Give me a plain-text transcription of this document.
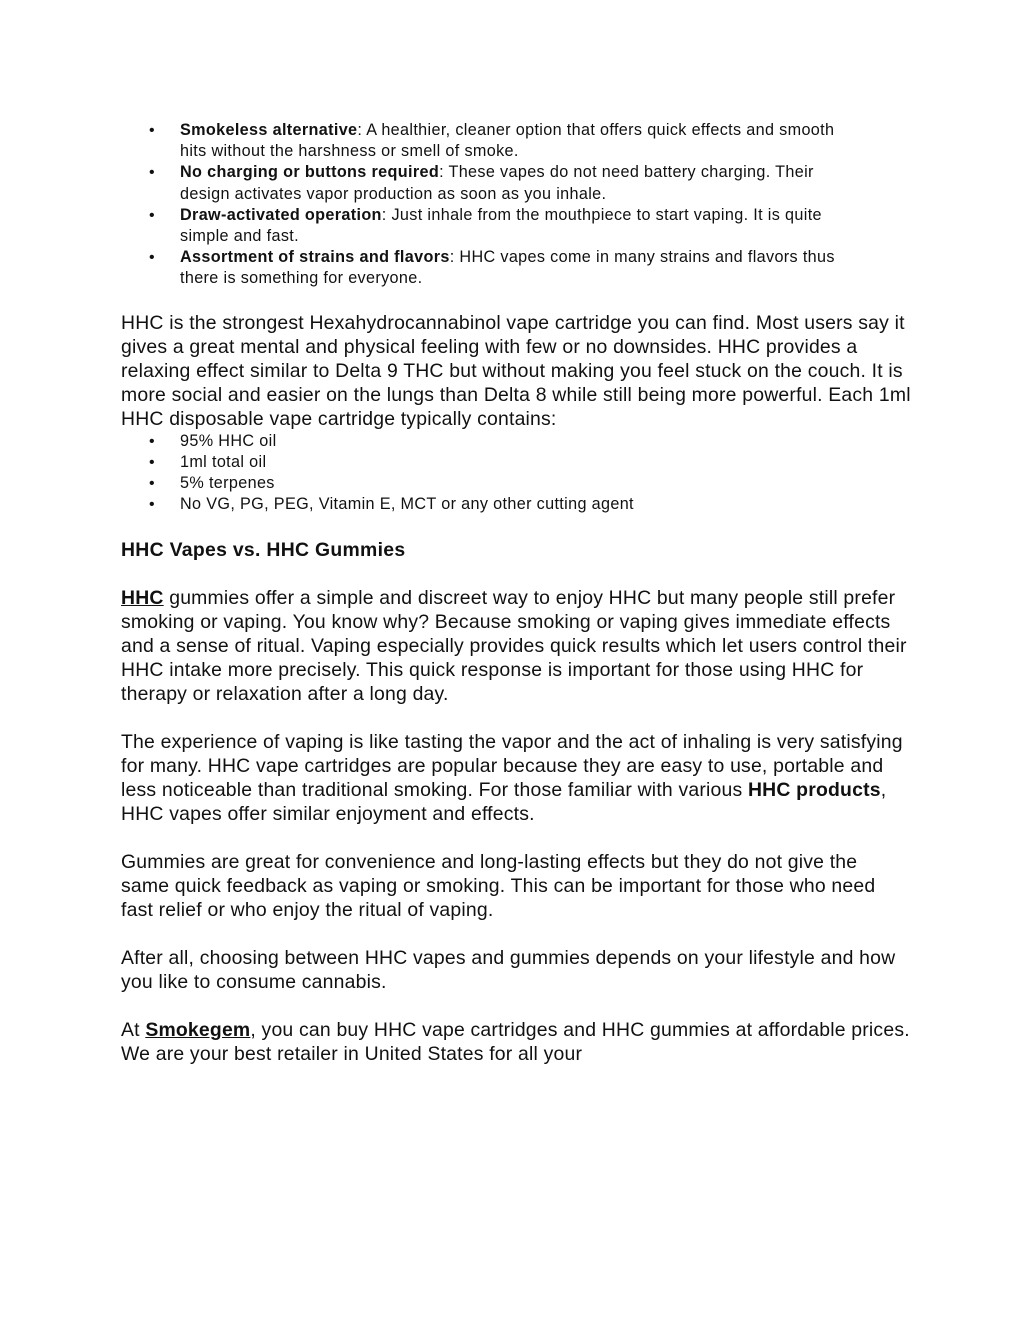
• Smokeless alternative: A healthier, cleaner option that offers quick effects and smooth hits without the harshness or smell of smoke.
• No charging or buttons required: These vapes do not need battery charging. Their design activates vapor production as soon as you inhale.
• Draw-activated operation: Just inhale from the mouthpiece to start vaping. It is quite simple and fast.
• Assortment of strains and flavors: HHC vapes come in many strains and flavors thus there is something for everyone.

HHC is the strongest Hexahydrocannabinol vape cartridge you can find. Most users say it gives a great mental and physical feeling with few or no downsides. HHC provides a relaxing effect similar to Delta 9 THC but without making you feel stuck on the couch. It is more social and easier on the lungs than Delta 8 while still being more powerful. Each 1ml HHC disposable vape cartridge typically contains:

• 95% HHC oil
• 1ml total oil
• 5% terpenes
• No VG, PG, PEG, Vitamin E, MCT or any other cutting agent
HHC Vapes vs. HHC Gummies

HHC gummies offer a simple and discreet way to enjoy HHC but many people still prefer smoking or vaping. You know why? Because smoking or vaping gives immediate effects and a sense of ritual. Vaping especially provides quick results which let users control their HHC intake more precisely. This quick response is important for those using HHC for therapy or relaxation after a long day.

The experience of vaping is like tasting the vapor and the act of inhaling is very satisfying for many. HHC vape cartridges are popular because they are easy to use, portable and less noticeable than traditional smoking. For those familiar with various HHC products, HHC vapes offer similar enjoyment and effects.

Gummies are great for convenience and long-lasting effects but they do not give the same quick feedback as vaping or smoking. This can be important for those who need fast relief or who enjoy the ritual of vaping.

After all, choosing between HHC vapes and gummies depends on your lifestyle and how you like to consume cannabis.

At Smokegem, you can buy HHC vape cartridges and HHC gummies at affordable prices. We are your best retailer in United States for all your
